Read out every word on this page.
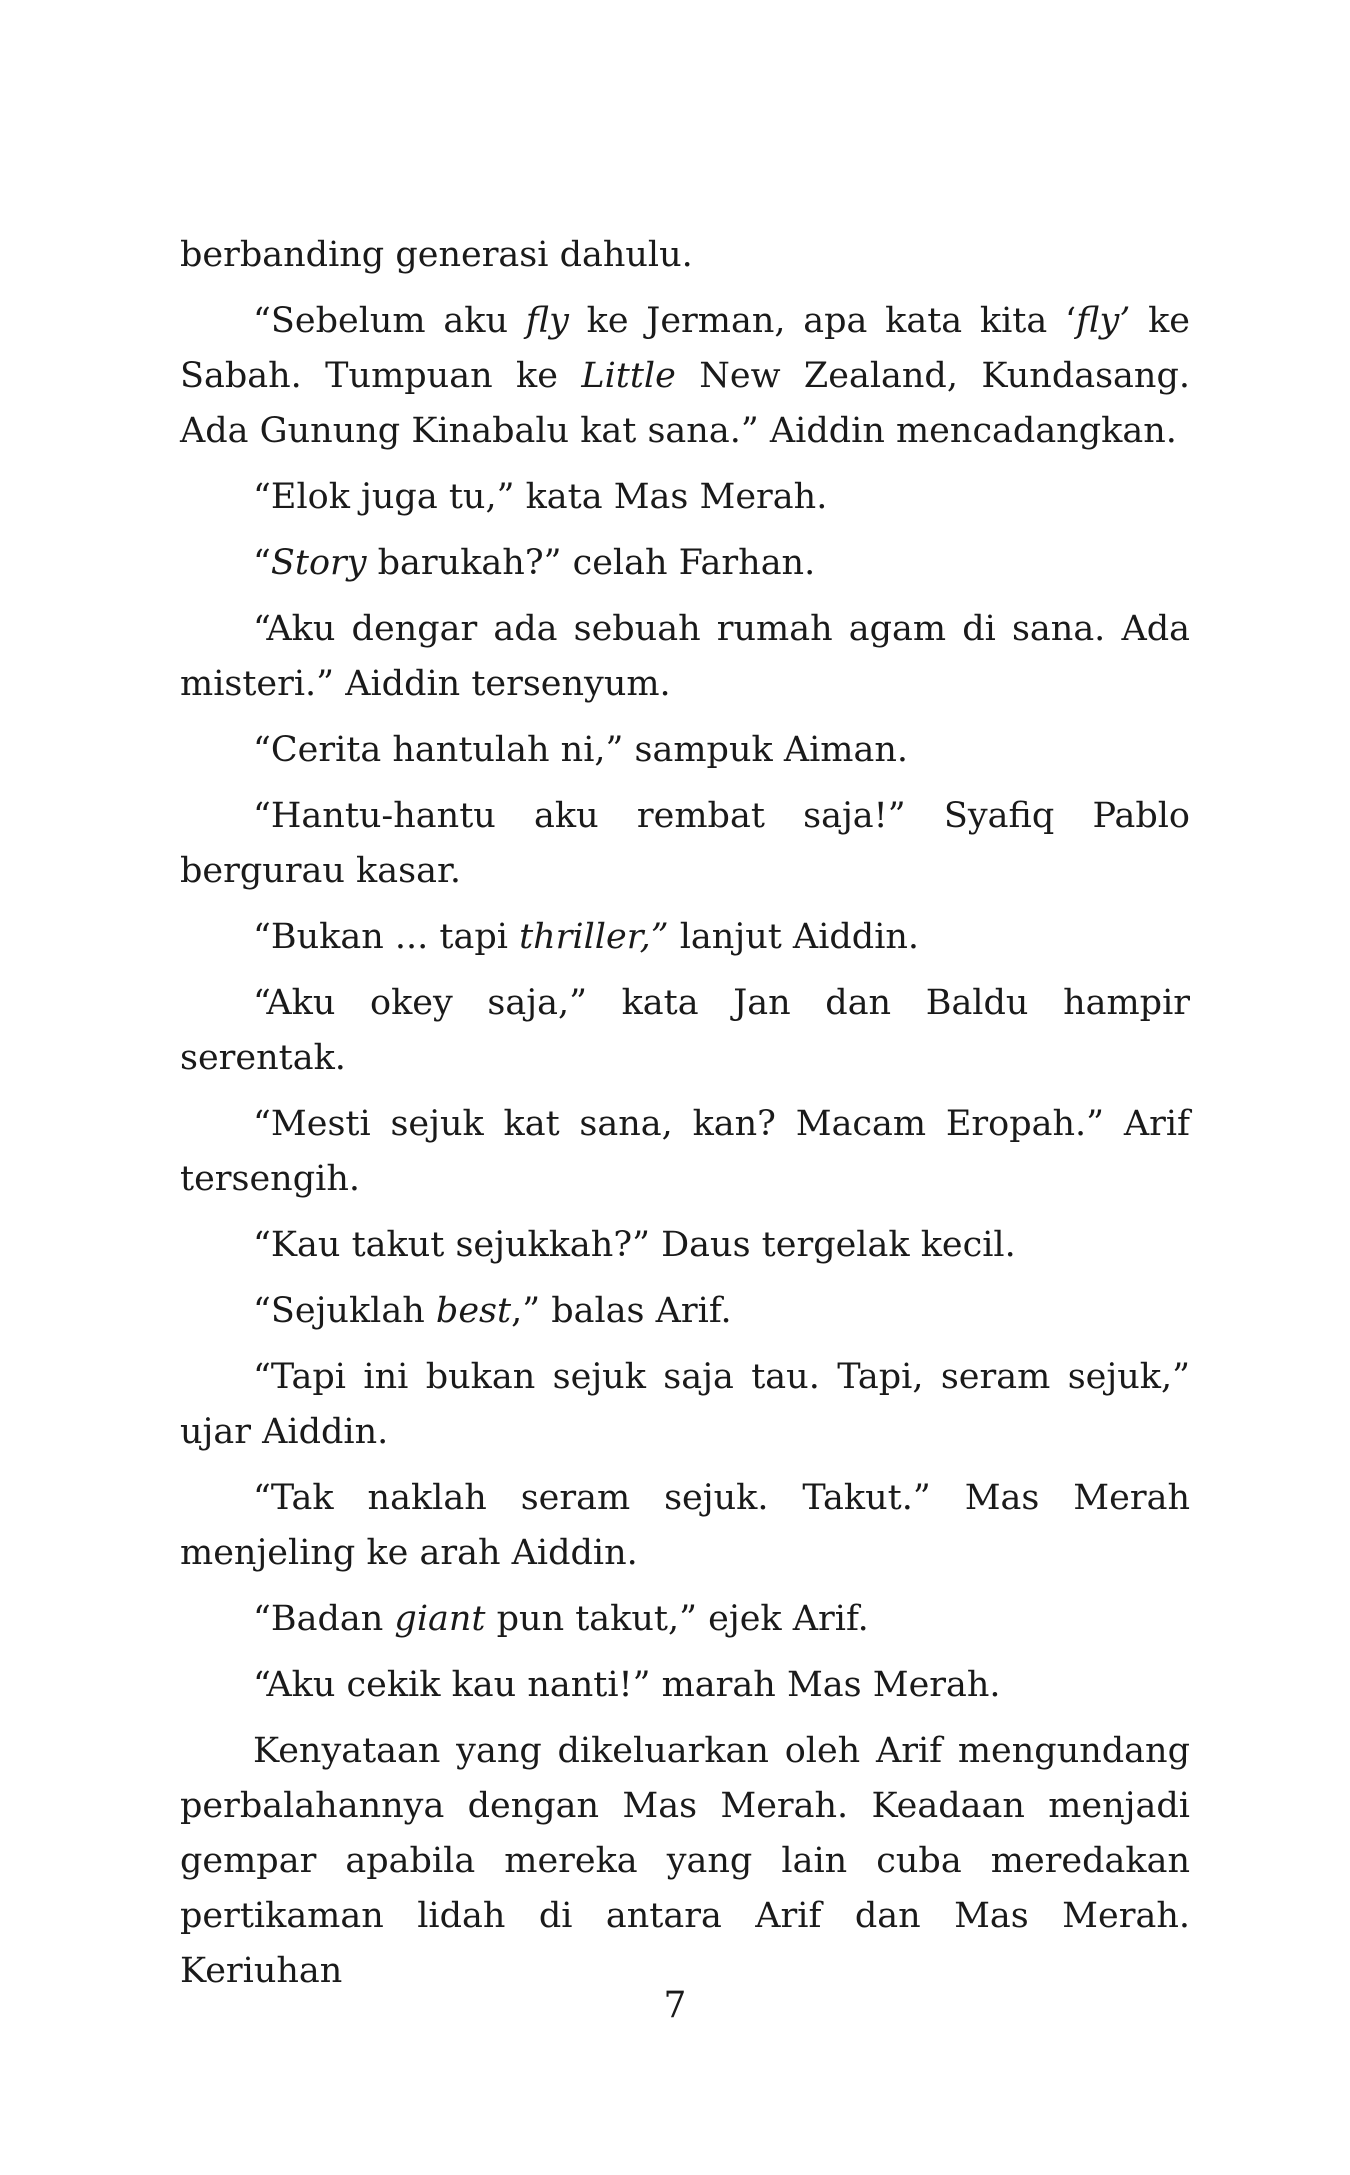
berbanding generasi dahulu.

“Sebelum aku fly ke Jerman, apa kata kita ‘fly’ ke Sabah. Tumpuan ke Little New Zealand, Kundasang. Ada Gunung Kinabalu kat sana.” Aiddin mencadangkan.

“Elok juga tu,” kata Mas Merah.

“Story barukah?” celah Farhan.

“Aku dengar ada sebuah rumah agam di sana. Ada misteri.” Aiddin tersenyum.

“Cerita hantulah ni,” sampuk Aiman.

“Hantu-hantu aku rembat saja!” Syafiq Pablo bergurau kasar.

“Bukan ... tapi thriller,” lanjut Aiddin.

“Aku okey saja,” kata Jan dan Baldu hampir serentak.

“Mesti sejuk kat sana, kan? Macam Eropah.” Arif tersengih.

“Kau takut sejukkah?” Daus tergelak kecil.

“Sejuklah best,” balas Arif.

“Tapi ini bukan sejuk saja tau. Tapi, seram sejuk,” ujar Aiddin.

“Tak naklah seram sejuk. Takut.” Mas Merah menjeling ke arah Aiddin.

“Badan giant pun takut,” ejek Arif.

“Aku cekik kau nanti!” marah Mas Merah.

Kenyataan yang dikeluarkan oleh Arif mengundang perbalahannya dengan Mas Merah. Keadaan menjadi gempar apabila mereka yang lain cuba meredakan pertikaman lidah di antara Arif dan Mas Merah. Keriuhan

7
